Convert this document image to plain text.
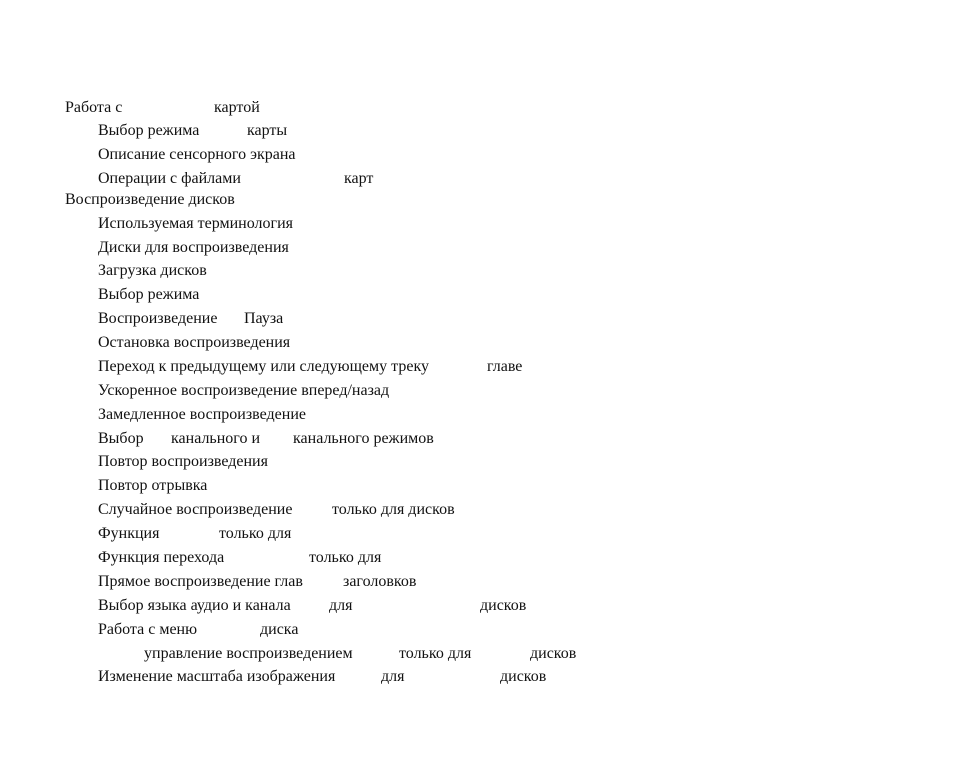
Работа с	картой
Выбор режима	карты
Описание сенсорного экрана
Операции с файлами	карт
Воспроизведение дисков
Используемая терминология
Диски для воспроизведения
Загрузка дисков
Выбор режима
Воспроизведение Пауза
Остановка воспроизведения
Переход к предыдущему или следующему треку	главе
Ускоренное воспроизведение вперед/назад
Замедленное воспроизведение
Выбор канального и канального режимов
Повтор воспроизведения
Повтор отрывка
Случайное воспроизведение только для дисков
Функция	только для
Функция перехода	только для
Прямое воспроизведение глав	заголовков
Выбор языка аудио и канала для	дисков
Работа с меню	диска
управление воспроизведением	только для	дисков
Изменение масштаба изображения	для	дисков
